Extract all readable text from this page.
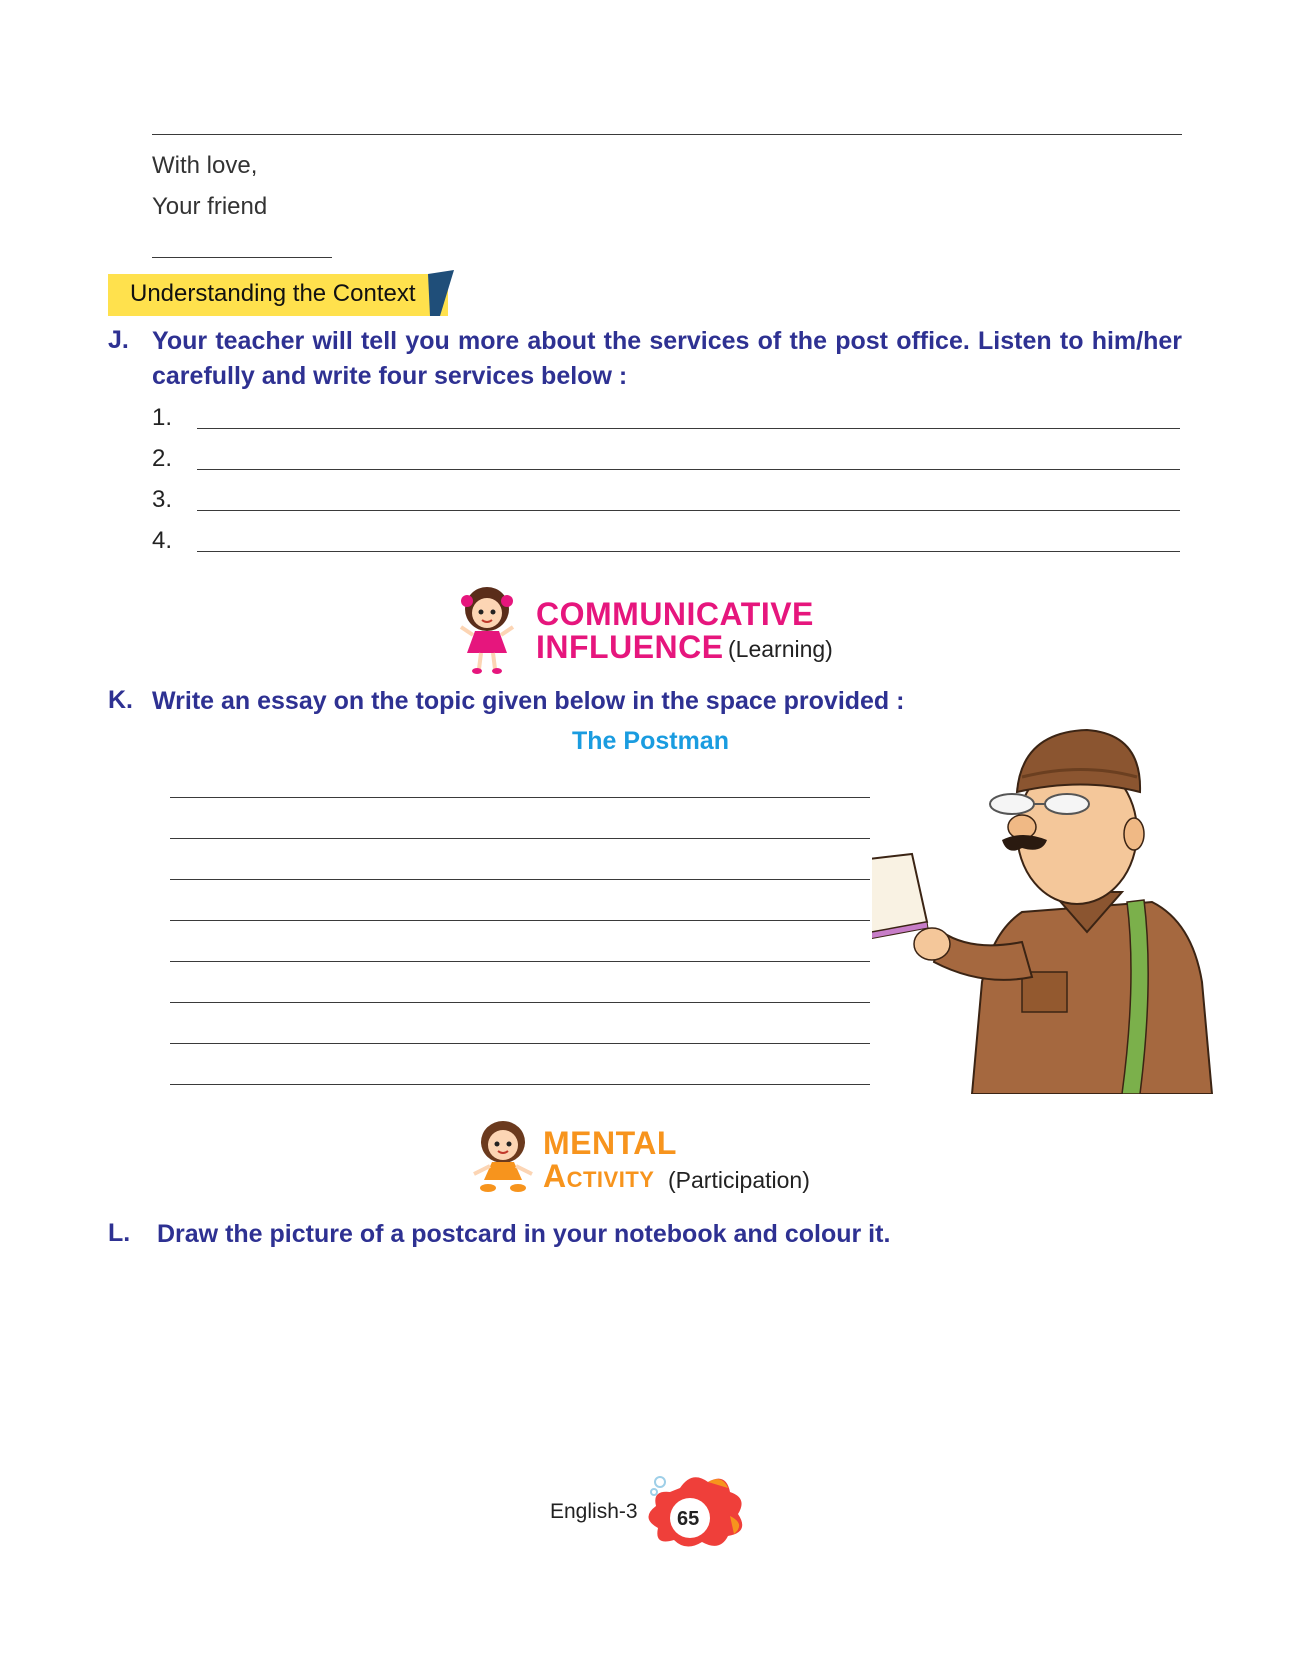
With love,
Your friend
Understanding the Context
J. Your teacher will tell you more about the services of the post office. Listen to him/her carefully and write four services below :
1.
2.
3.
4.
COMMUNICATIVE
INFLUENCE (Learning)
K. Write an essay on the topic given below in the space provided :
The Postman
MENTAL
Activity (Participation)
L. Draw the picture of a postcard in your notebook and colour it.
English-3 65
